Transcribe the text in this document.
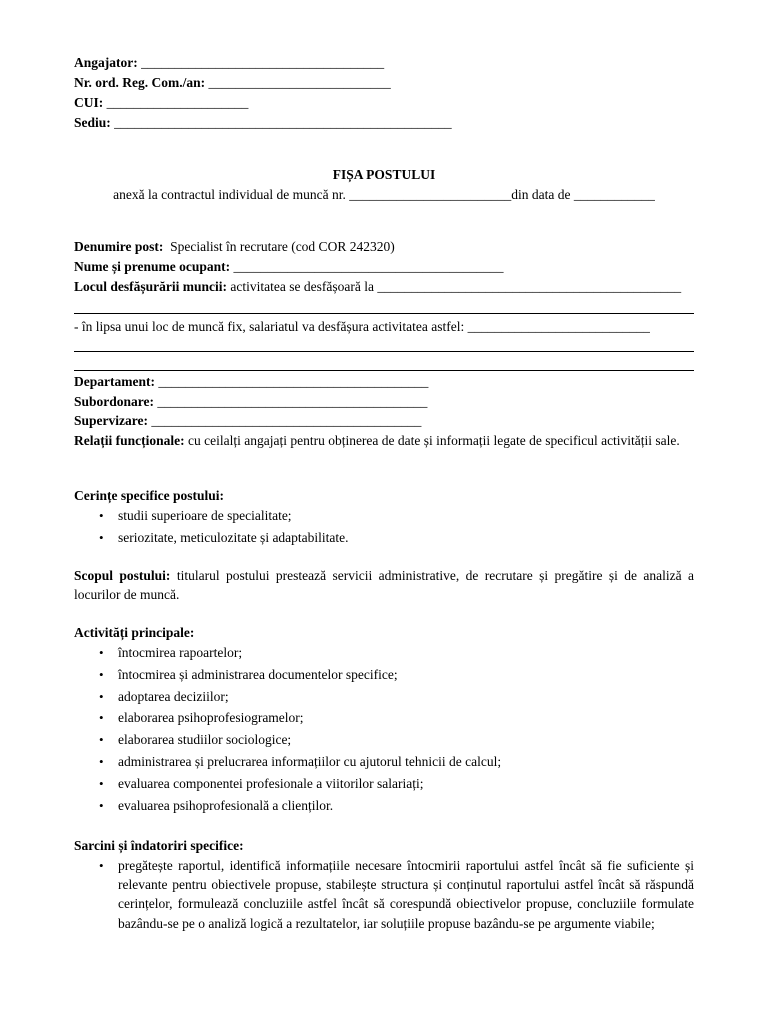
Angajator: ____________________________________
Nr. ord. Reg. Com./an: ___________________________
CUI: _____________________
Sediu: __________________________________________________
FIȘA POSTULUI
anexă la contractul individual de muncă nr. ________________________din data de ____________
Denumire post: Specialist în recrutare (cod COR 242320)
Nume și prenume ocupant: ________________________________________
Locul desfășurării muncii: activitatea se desfășoară la _____________________________________________
- în lipsa unui loc de muncă fix, salariatul va desfășura activitatea astfel: ___________________________
Departament: ________________________________________
Subordonare: ________________________________________
Supervizare: ________________________________________
Relații funcționale: cu ceilalți angajați pentru obținerea de date și informații legate de specificul activității sale.
Cerințe specifice postului:
• studii superioare de specialitate;
• seriozitate, meticulozitate și adaptabilitate.
Scopul postului: titularul postului prestează servicii administrative, de recrutare și pregătire și de analiză a locurilor de muncă.
Activități principale:
• întocmirea rapoartelor;
• întocmirea și administrarea documentelor specifice;
• adoptarea deciziilor;
• elaborarea psihoprofesiogramelor;
• elaborarea studiilor sociologice;
• administrarea și prelucrarea informațiilor cu ajutorul tehnicii de calcul;
• evaluarea componentei profesionale a viitorilor salariați;
• evaluarea psihoprofesională a clienților.
Sarcini și îndatoriri specifice:
• pregătește raportul, identifică informațiile necesare întocmirii raportului astfel încât să fie suficiente și relevante pentru obiectivele propuse, stabilește structura și conținutul raportului astfel încât să răspundă cerințelor, formulează concluziile astfel încât să corespundă obiectivelor propuse, concluziile formulate bazându-se pe o analiză logică a rezultatelor, iar soluțiile propuse bazându-se pe argumente viabile;
